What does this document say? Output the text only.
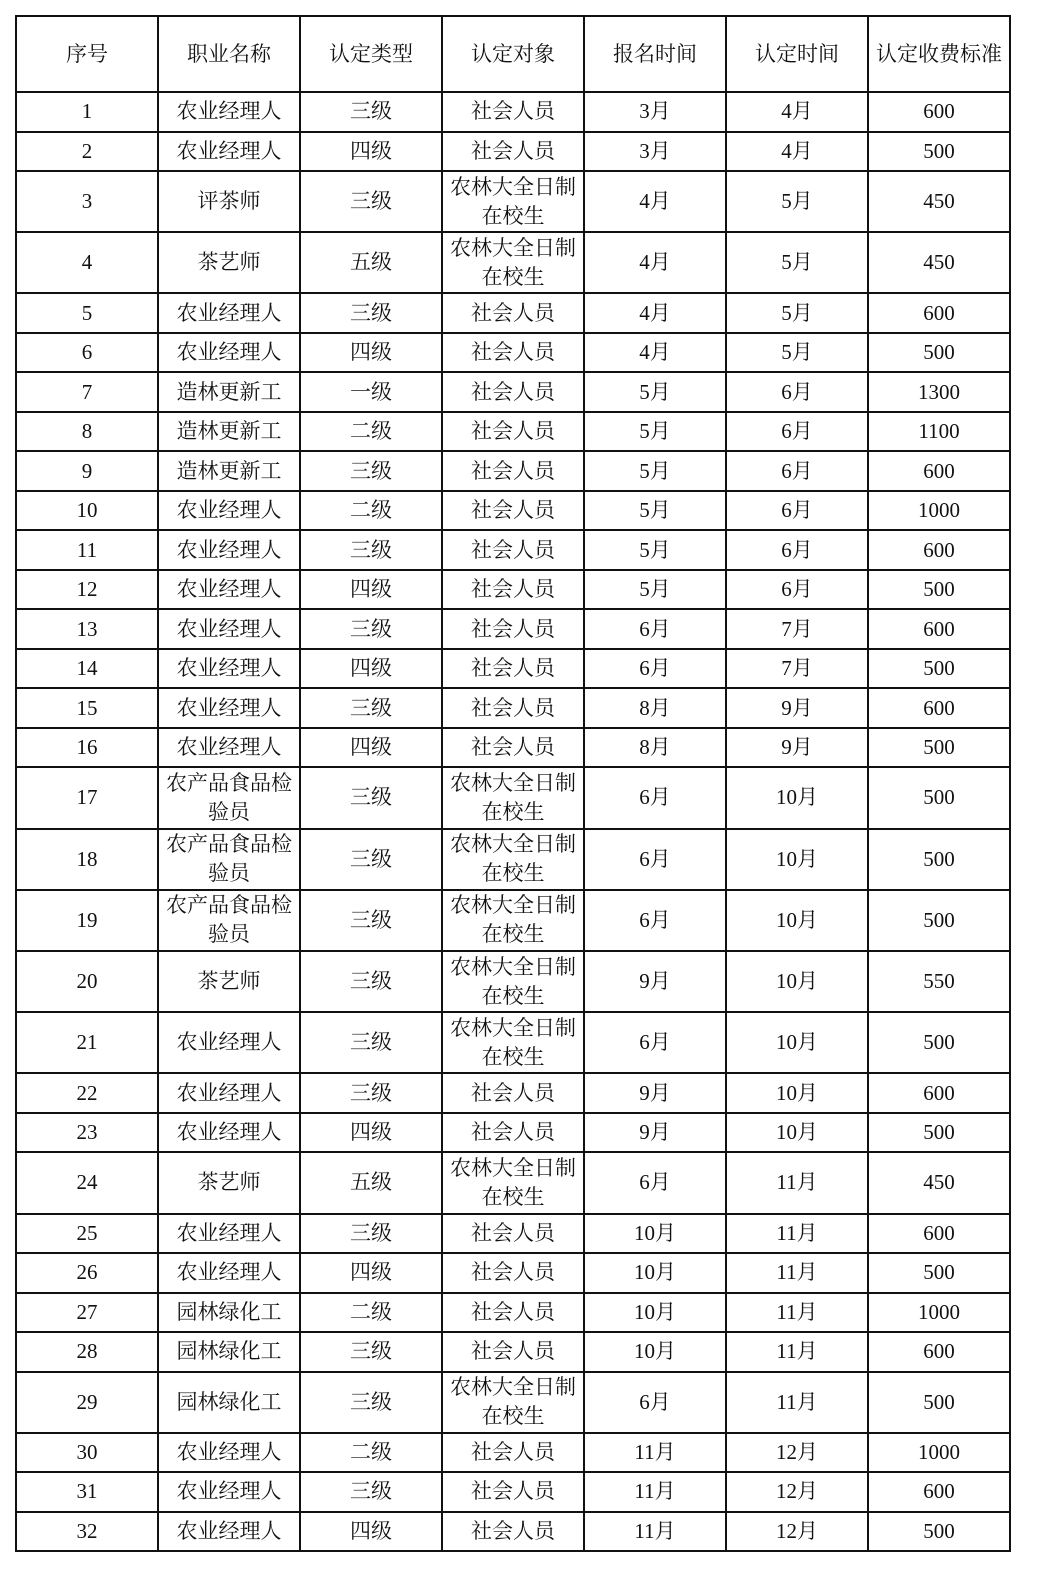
序号	职业名称	认定类型	认定对象	报名时间	认定时间	认定收费标准
1	农业经理人	三级	社会人员	3月	4月	600
2	农业经理人	四级	社会人员	3月	4月	500
3	评茶师	三级	农林大全日制在校生	4月	5月	450
4	茶艺师	五级	农林大全日制在校生	4月	5月	450
5	农业经理人	三级	社会人员	4月	5月	600
6	农业经理人	四级	社会人员	4月	5月	500
7	造林更新工	一级	社会人员	5月	6月	1300
8	造林更新工	二级	社会人员	5月	6月	1100
9	造林更新工	三级	社会人员	5月	6月	600
10	农业经理人	二级	社会人员	5月	6月	1000
11	农业经理人	三级	社会人员	5月	6月	600
12	农业经理人	四级	社会人员	5月	6月	500
13	农业经理人	三级	社会人员	6月	7月	600
14	农业经理人	四级	社会人员	6月	7月	500
15	农业经理人	三级	社会人员	8月	9月	600
16	农业经理人	四级	社会人员	8月	9月	500
17	农产品食品检验员	三级	农林大全日制在校生	6月	10月	500
18	农产品食品检验员	三级	农林大全日制在校生	6月	10月	500
19	农产品食品检验员	三级	农林大全日制在校生	6月	10月	500
20	茶艺师	三级	农林大全日制在校生	9月	10月	550
21	农业经理人	三级	农林大全日制在校生	6月	10月	500
22	农业经理人	三级	社会人员	9月	10月	600
23	农业经理人	四级	社会人员	9月	10月	500
24	茶艺师	五级	农林大全日制在校生	6月	11月	450
25	农业经理人	三级	社会人员	10月	11月	600
26	农业经理人	四级	社会人员	10月	11月	500
27	园林绿化工	二级	社会人员	10月	11月	1000
28	园林绿化工	三级	社会人员	10月	11月	600
29	园林绿化工	三级	农林大全日制在校生	6月	11月	500
30	农业经理人	二级	社会人员	11月	12月	1000
31	农业经理人	三级	社会人员	11月	12月	600
32	农业经理人	四级	社会人员	11月	12月	500
